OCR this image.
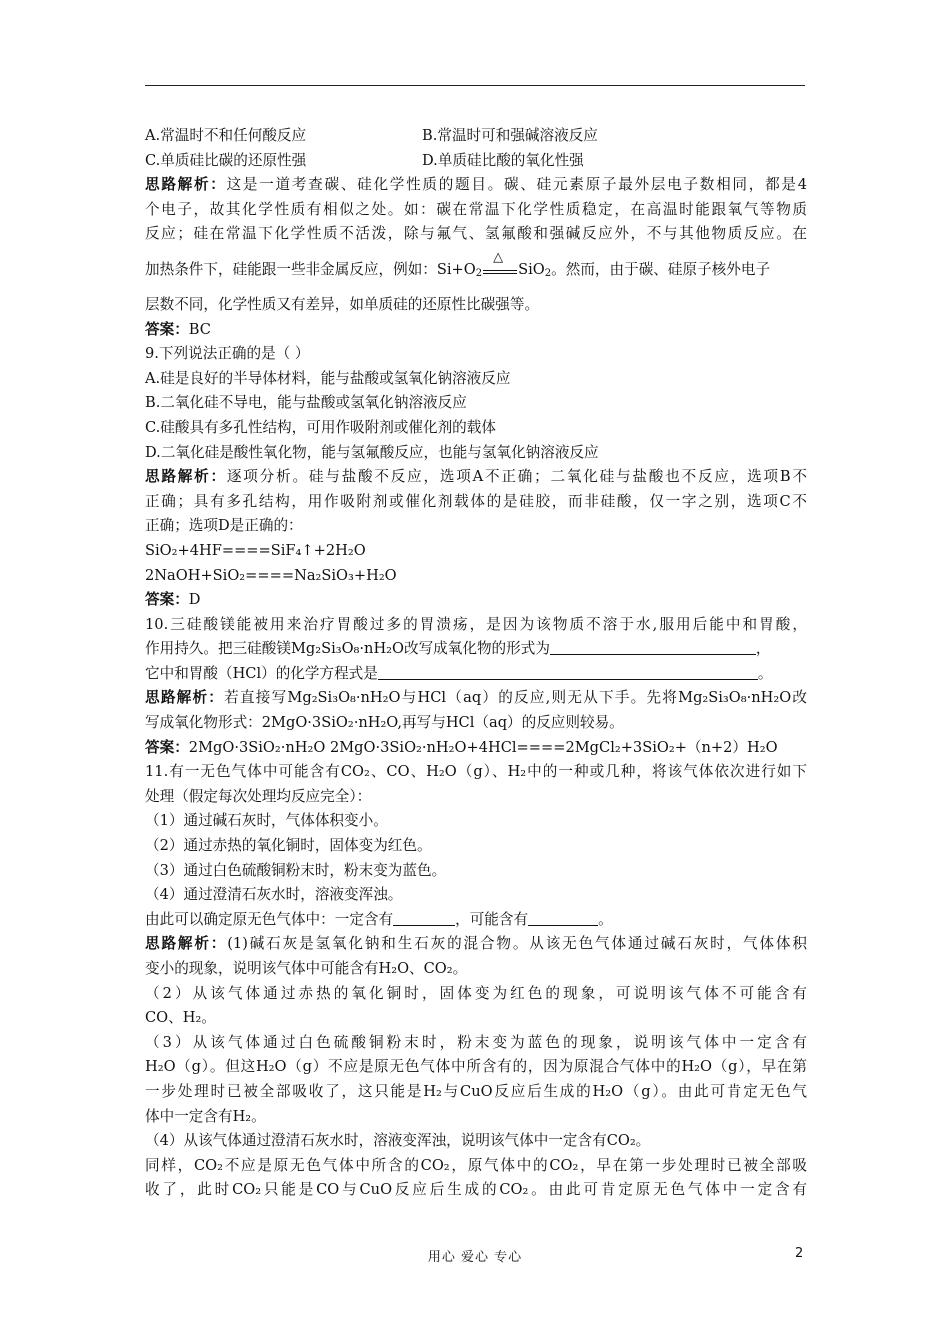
A.常温时不和任何酸反应	B.常温时可和强碱溶液反应
C.单质硅比碳的还原性强	D.单质硅比酸的氧化性强
思路解析：这是一道考查碳、硅化学性质的题目。碳、硅元素原子最外层电子数相同，都是4
个电子，故其化学性质有相似之处。如：碳在常温下化学性质稳定，在高温时能跟氧气等物质
反应；硅在常温下化学性质不活泼，除与氟气、氢氟酸和强碱反应外，不与其他物质反应。在
加热条件下，硅能跟一些非金属反应，例如：$Si+O_2$
△
SiO$_2$。然而，由于碳、硅原子核外电子
层数不同，化学性质又有差异，如单质硅的还原性比碳强等。
答案：BC
9.下列说法正确的是（ ）
A.硅是良好的半导体材料，能与盐酸或氢氧化钠溶液反应
B.二氧化硅不导电，能与盐酸或氢氧化钠溶液反应
C.硅酸具有多孔性结构，可用作吸附剂或催化剂的载体
D.二氧化硅是酸性氧化物，能与氢氟酸反应，也能与氢氧化钠溶液反应
思路解析：逐项分析。硅与盐酸不反应，选项A不正确；二氧化硅与盐酸也不反应，选项B不
正确；具有多孔结构，用作吸附剂或催化剂载体的是硅胶，而非硅酸，仅一字之别，选项C不
正确；选项D是正确的：
SiO₂+4HF====SiF₄↑+2H₂O
2NaOH+SiO₂====Na₂SiO₃+H₂O
答案：D
10.三硅酸镁能被用来治疗胃酸过多的胃溃疡，是因为该物质不溶于水,服用后能中和胃酸，
作用持久。把三硅酸镁Mg₂Si₃O₈·nH₂O改写成氧化物的形式为	，
它中和胃酸（HCl）的化学方程式是	。
思路解析：若直接写Mg₂Si₃O₈·nH₂O与HCl（aq）的反应,则无从下手。先将Mg₂Si₃O₈·nH₂O改
写成氧化物形式：2MgO·3SiO₂·nH₂O,再写与HCl（aq）的反应则较易。
答案：2MgO·3SiO₂·nH₂O 2MgO·3SiO₂·nH₂O+4HCl====2MgCl₂+3SiO₂+（n+2）H₂O
11.有一无色气体中可能含有CO₂、CO、H₂O（g）、H₂中的一种或几种，将该气体依次进行如下
处理（假定每次处理均反应完全）：
（1）通过碱石灰时，气体体积变小。
（2）通过赤热的氧化铜时，固体变为红色。
（3）通过白色硫酸铜粉末时，粉末变为蓝色。
（4）通过澄清石灰水时，溶液变浑浊。
由此可以确定原无色气体中：一定含有	，可能含有	。
思路解析：(1)碱石灰是氢氧化钠和生石灰的混合物。从该无色气体通过碱石灰时，气体体积
变小的现象，说明该气体中可能含有H₂O、CO₂。
（2）从该气体通过赤热的氧化铜时，固体变为红色的现象，可说明该气体不可能含有
CO、H₂。
（3）从该气体通过白色硫酸铜粉末时，粉末变为蓝色的现象，说明该气体中一定含有
H₂O（g）。但这H₂O（g）不应是原无色气体中所含有的，因为原混合气体中的H₂O（g），早在第
一步处理时已被全部吸收了，这只能是H₂与CuO反应后生成的H₂O（g）。由此可肯定无色气
体中一定含有H₂。
（4）从该气体通过澄清石灰水时，溶液变浑浊，说明该气体中一定含有CO₂。
同样，CO₂不应是原无色气体中所含的CO₂，原气体中的CO₂，早在第一步处理时已被全部吸
收了，此时CO₂只能是CO与CuO反应后生成的CO₂。由此可肯定原无色气体中一定含有
用心 爱心 专心	2
